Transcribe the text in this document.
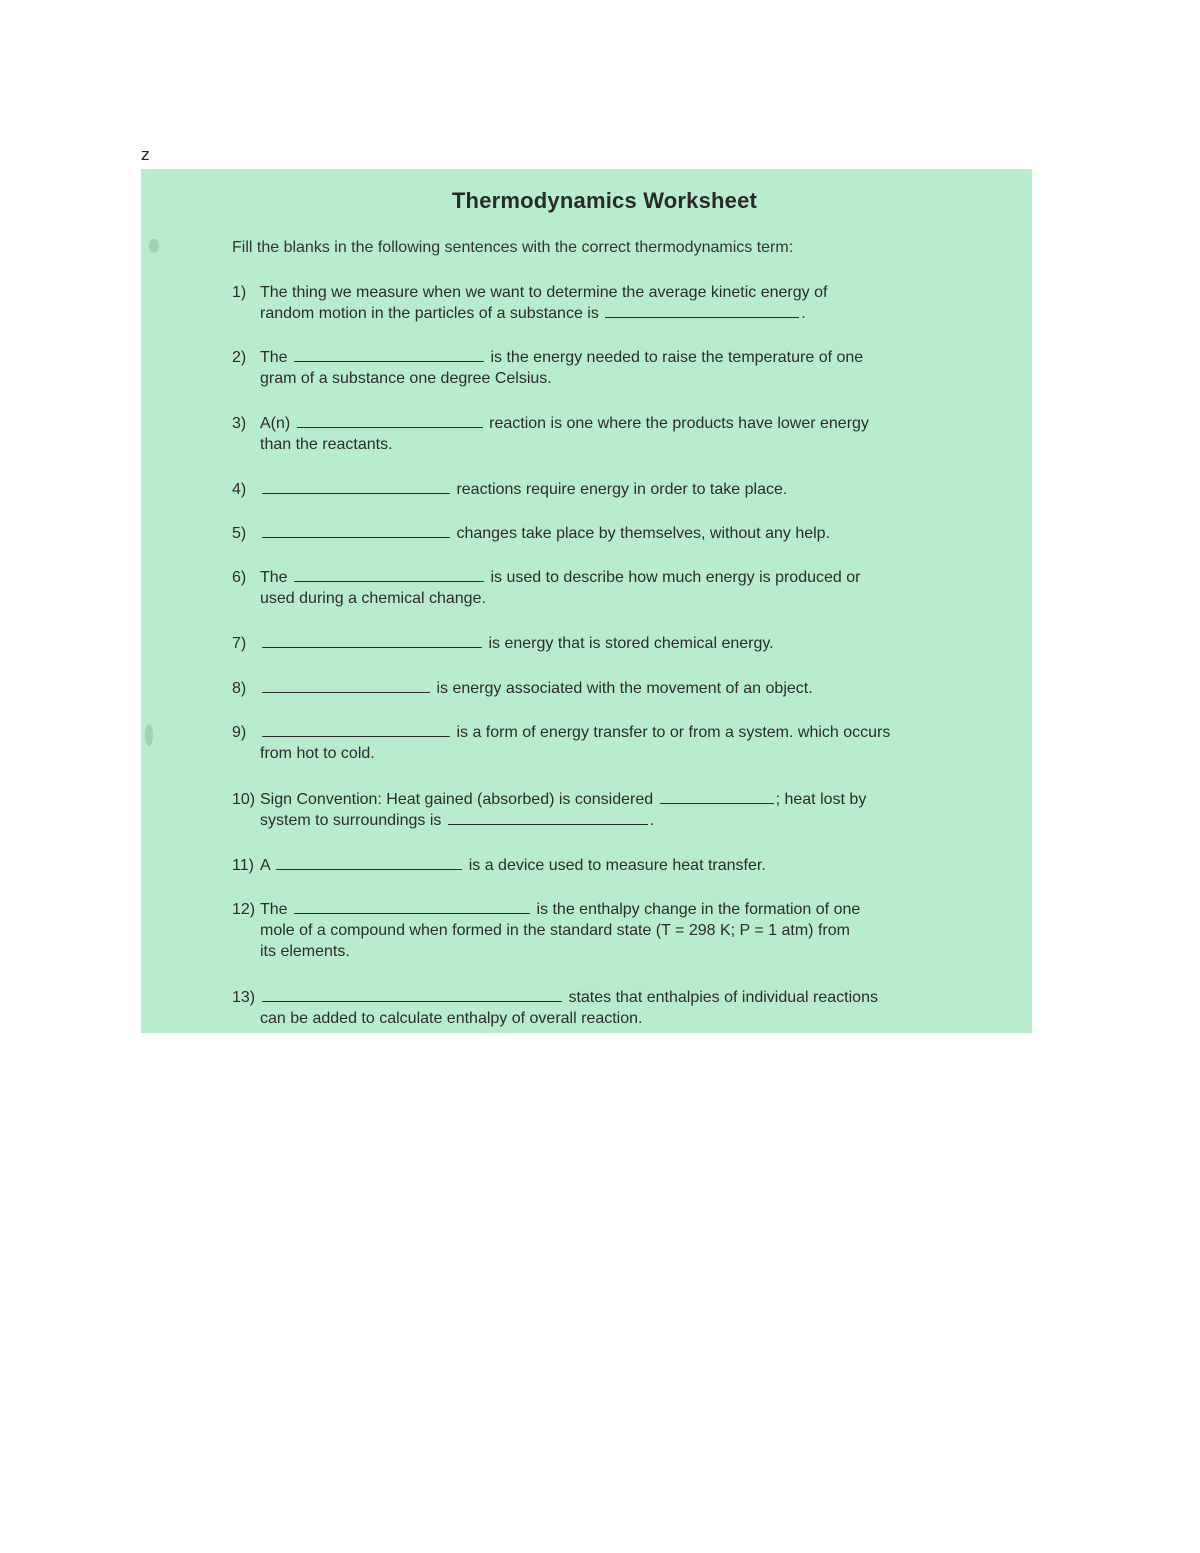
z
Thermodynamics Worksheet
Fill the blanks in the following sentences with the correct thermodynamics term:
1) The thing we measure when we want to determine the average kinetic energy of
random motion in the particles of a substance is	.
2) The	is the energy needed to raise the temperature of one
gram of a substance one degree Celsius.
3) A(n)	reaction is one where the products have lower energy
than the reactants.
4)	reactions require energy in order to take place.
5)	changes take place by themselves, without any help.
6) The	is used to describe how much energy is produced or
used during a chemical change.
7)	is energy that is stored chemical energy.
8)	is energy associated with the movement of an object.
9)	is a form of energy transfer to or from a system. which occurs
from hot to cold.
10) Sign Convention: Heat gained (absorbed) is considered	; heat lost by
system to surroundings is	.
11) A	is a device used to measure heat transfer.
12) The	is the enthalpy change in the formation of one
mole of a compound when formed in the standard state (T = 298 K; P = 1 atm) from
its elements.
13)	states that enthalpies of individual reactions
can be added to calculate enthalpy of overall reaction.
